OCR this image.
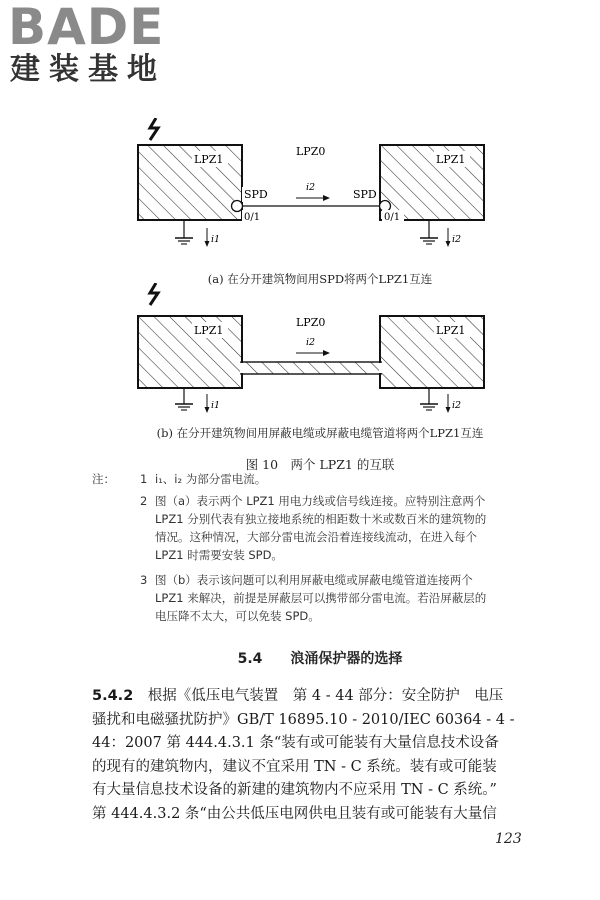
BADE
建装基地
LPZ1	LPZ1
LPZ0
SPD	SPD
0/1	0/1
i2
i1	i2
(a) 在分开建筑物间用SPD将两个LPZ1互连
LPZ1	LPZ1
LPZ0
i2
i1	i2
(b) 在分开建筑物间用屏蔽电缆或屏蔽电缆管道将两个LPZ1互连
图 10　两个 LPZ1 的互联
注： 1 i₁、i₂ 为部分雷电流。
2 图（a）表示两个 LPZ1 用电力线或信号线连接。应特别注意两个
LPZ1 分别代表有独立接地系统的相距数十米或数百米的建筑物的
情况。这种情况，大部分雷电流会沿着连接线流动，在进入每个
LPZ1 时需要安装 SPD。
3 图（b）表示该问题可以利用屏蔽电缆或屏蔽电缆管道连接两个
LPZ1 来解决，前提是屏蔽层可以携带部分雷电流。若沿屏蔽层的
电压降不太大，可以免装 SPD。
5.4　　 浪涌保护器的选择
5.4.2　 根据《低压电气装置　第 4 - 44 部分：安全防护　电压
骚扰和电磁骚扰防护》GB/T 16895.10 - 2010/IEC 60364 - 4 -
44：2007 第 444.4.3.1 条“装有或可能装有大量信息技术设备
的现有的建筑物内，建议不宜采用 TN - C 系统。装有或可能装
有大量信息技术设备的新建的建筑物内不应采用 TN - C 系统。”
第 444.4.3.2 条“由公共低压电网供电且装有或可能装有大量信
123
